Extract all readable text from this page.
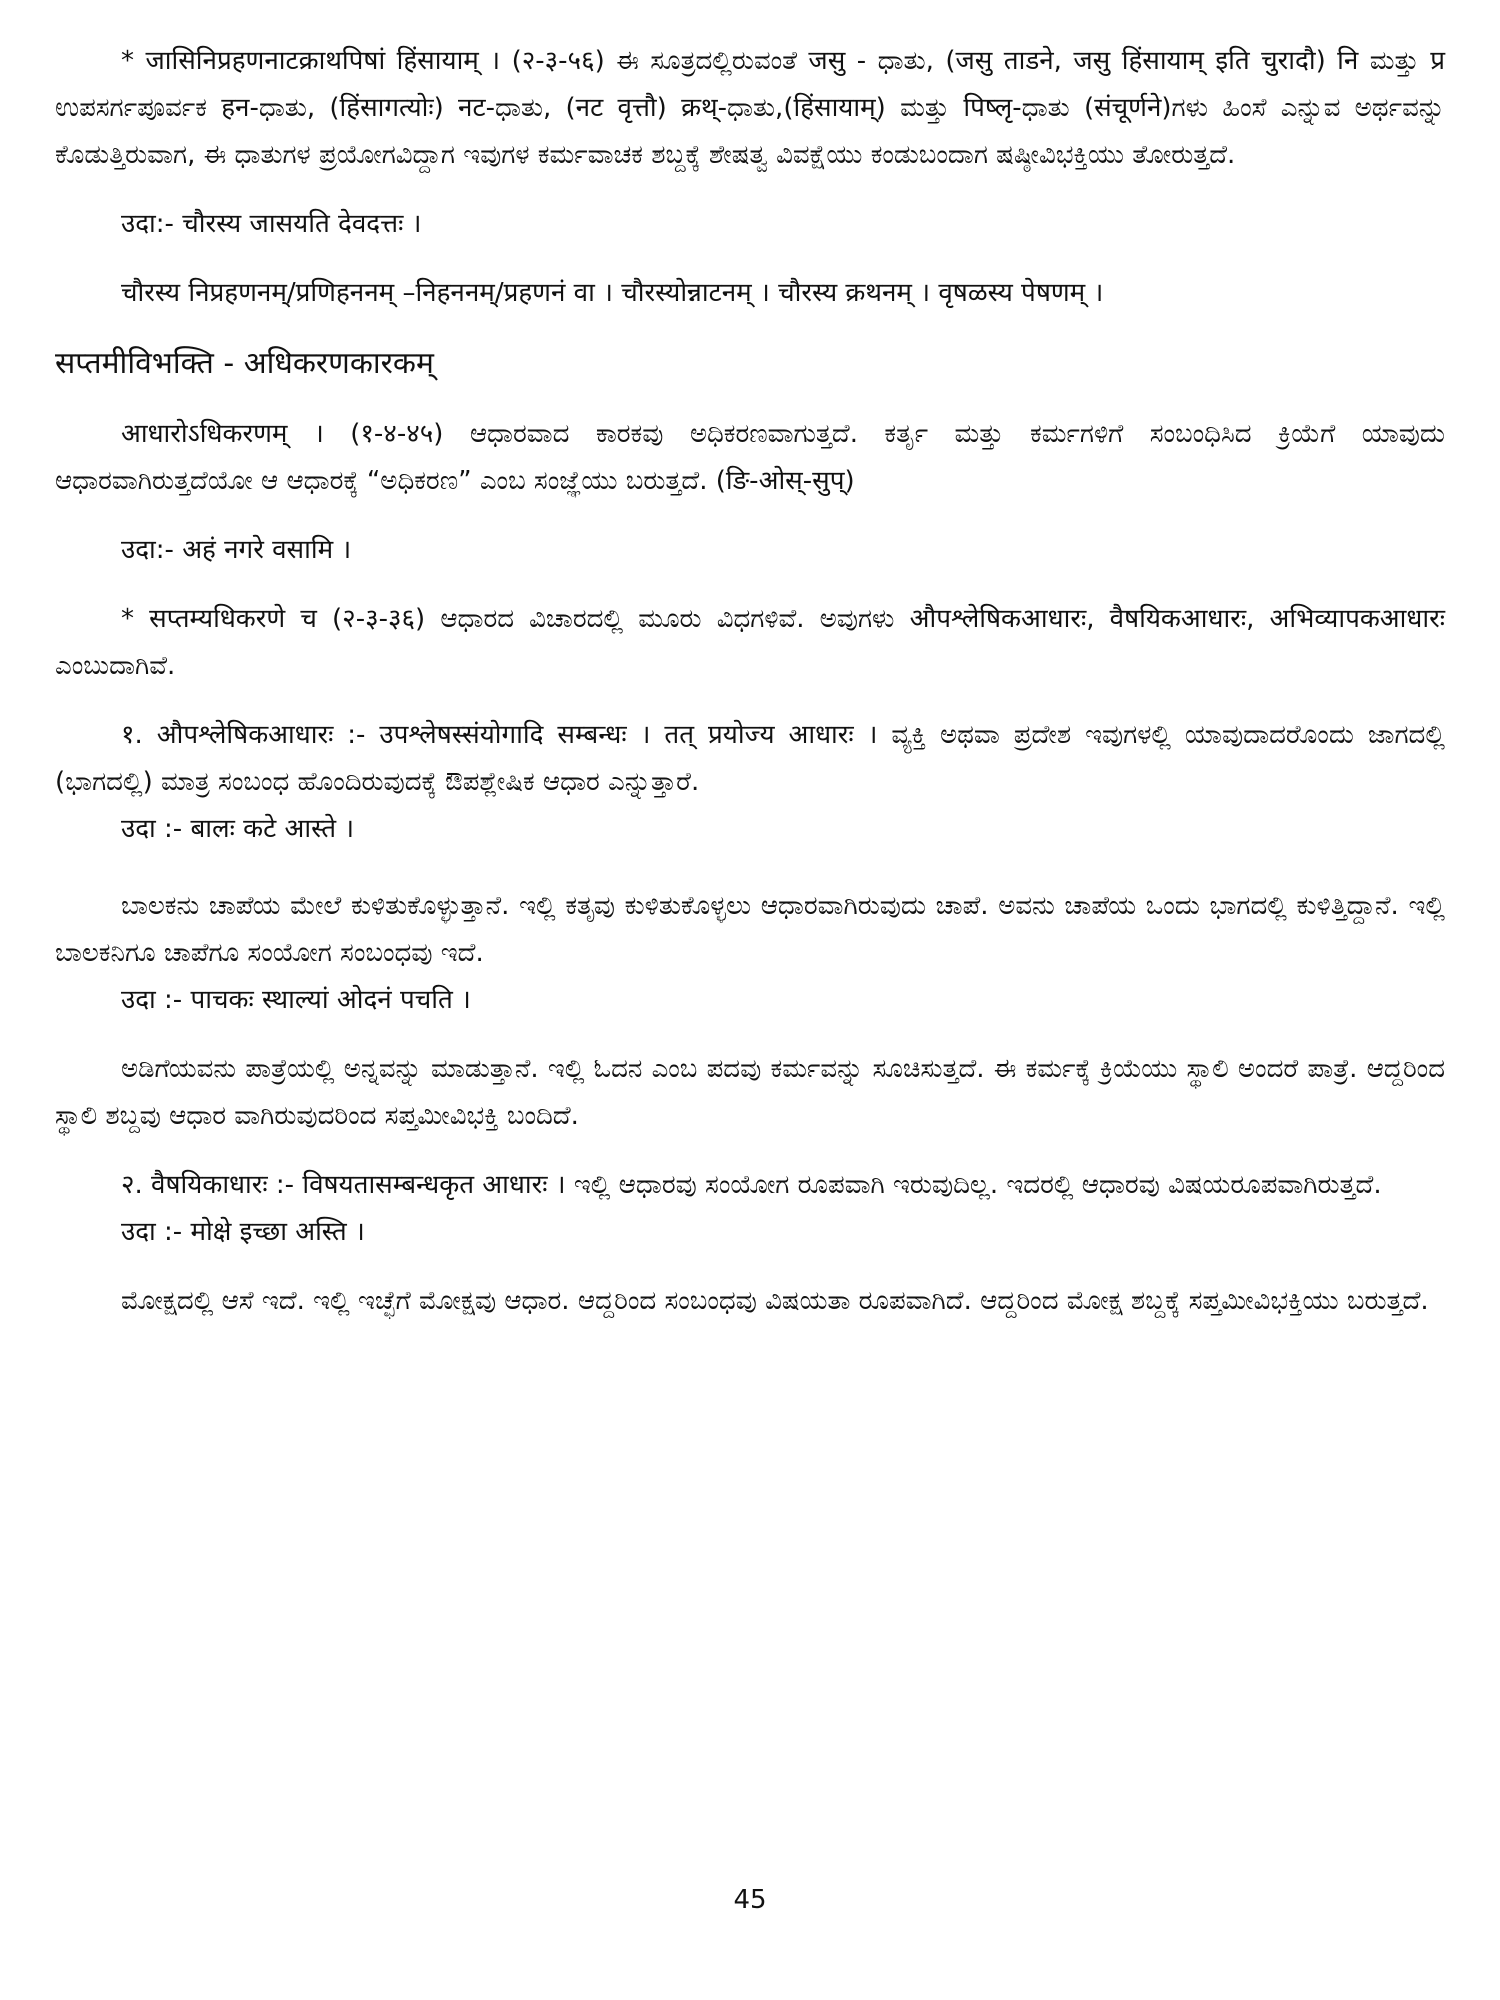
* जासिनिप्रहणनाटक्राथपिषां हिंसायाम् । (२-३-५६) ಈ ಸೂತ್ರದಲ್ಲಿರುವಂತೆ जसु - ಧಾತು, (जसु ताडने, जसु हिंसायाम् इति चुरादौ) नि ಮತ್ತು प्र ಉಪಸರ್ಗಪೂರ್ವಕ हन-ಧಾತು, (हिंसागत्योः) नट-ಧಾತು, (नट वृत्तौ) क्रथ्-ಧಾತು,(हिंसायाम्) ಮತ್ತು पिष्लृ-ಧಾತು (संचूर्णने)ಗಳು ಹಿಂಸೆ ಎನ್ನುವ ಅರ್ಥವನ್ನು ಕೊಡುತ್ತಿರುವಾಗ, ಈ ಧಾತುಗಳ ಪ್ರಯೋಗವಿದ್ದಾಗ ಇವುಗಳ ಕರ್ಮವಾಚಕ ಶಬ್ದಕ್ಕೆ ಶೇಷತ್ವ ವಿವಕ್ಷೆಯು ಕಂಡುಬಂದಾಗ ಷಷ್ಠೀವಿಭಕ್ತಿಯು ತೋರುತ್ತದೆ.

उदा:- चौरस्य जासयति देवदत्तः ।

चौरस्य निप्रहणनम्/प्रणिहननम् –निहननम्/प्रहणनं वा । चौरस्योन्नाटनम् । चौरस्य क्रथनम् । वृषळस्य पेषणम् ।

सप्तमीविभक्ति - अधिकरणकारकम्

आधारोऽधिकरणम् । (१-४-४५) ಆಧಾರವಾದ ಕಾರಕವು ಅಧಿಕರಣವಾಗುತ್ತದೆ. ಕರ್ತೃ ಮತ್ತು ಕರ್ಮಗಳಿಗೆ ಸಂಬಂಧಿಸಿದ ಕ್ರಿಯೆಗೆ ಯಾವುದು ಆಧಾರವಾಗಿರುತ್ತದೆಯೋ ಆ ಆಧಾರಕ್ಕೆ “ಅಧಿಕರಣ” ಎಂಬ ಸಂಜ್ಞೆಯು ಬರುತ್ತದೆ. (ङि-ओस्-सुप्)

उदा:- अहं नगरे वसामि ।

* सप्तम्यधिकरणे च (२-३-३६) ಆಧಾರದ ವಿಚಾರದಲ್ಲಿ ಮೂರು ವಿಧಗಳಿವೆ. ಅವುಗಳು औपश्लेषिकआधारः, वैषयिकआधारः, अभिव्यापकआधारः ಎಂಬುದಾಗಿವೆ.

१. औपश्लेषिकआधारः :- उपश्लेषस्संयोगादि सम्बन्धः । तत् प्रयोज्य आधारः । ವ್ಯಕ್ತಿ ಅಥವಾ ಪ್ರದೇಶ ಇವುಗಳಲ್ಲಿ ಯಾವುದಾದರೊಂದು ಜಾಗದಲ್ಲಿ (ಭಾಗದಲ್ಲಿ) ಮಾತ್ರ ಸಂಬಂಧ ಹೊಂದಿರುವುದಕ್ಕೆ ಔಪಶ್ಲೇಷಿಕ ಆಧಾರ ಎನ್ನುತ್ತಾರೆ.

उदा :- बालः कटे आस्ते ।

ಬಾಲಕನು ಚಾಪೆಯ ಮೇಲೆ ಕುಳಿತುಕೊಳ್ಳುತ್ತಾನೆ. ಇಲ್ಲಿ ಕತೃವು ಕುಳಿತುಕೊಳ್ಳಲು ಆಧಾರವಾಗಿರುವುದು ಚಾಪೆ. ಅವನು ಚಾಪೆಯ ಒಂದು ಭಾಗದಲ್ಲಿ ಕುಳಿತ್ತಿದ್ದಾನೆ. ಇಲ್ಲಿ ಬಾಲಕನಿಗೂ ಚಾಪೆಗೂ ಸಂಯೋಗ ಸಂಬಂಧವು ಇದೆ.

उदा :- पाचकः स्थाल्यां ओदनं पचति ।

ಅಡಿಗೆಯವನು ಪಾತ್ರೆಯಲ್ಲಿ ಅನ್ನವನ್ನು ಮಾಡುತ್ತಾನೆ. ಇಲ್ಲಿ ಓದನ ಎಂಬ ಪದವು ಕರ್ಮವನ್ನು ಸೂಚಿಸುತ್ತದೆ. ಈ ಕರ್ಮಕ್ಕೆ ಕ್ರಿಯೆಯು ಸ್ಥಾಲಿ ಅಂದರೆ ಪಾತ್ರೆ. ಆದ್ದರಿಂದ ಸ್ಥಾಲಿ ಶಬ್ದವು ಆಧಾರ ವಾಗಿರುವುದರಿಂದ ಸಪ್ತಮೀವಿಭಕ್ತಿ ಬಂದಿದೆ.

२. वैषयिकाधारः :- विषयतासम्बन्धकृत आधारः । ಇಲ್ಲಿ ಆಧಾರವು ಸಂಯೋಗ ರೂಪವಾಗಿ ಇರುವುದಿಲ್ಲ. ಇದರಲ್ಲಿ ಆಧಾರವು ವಿಷಯರೂಪವಾಗಿರುತ್ತದೆ.

उदा :- मोक्षे इच्छा अस्ति ।

ಮೋಕ್ಷದಲ್ಲಿ ಆಸೆ ಇದೆ. ಇಲ್ಲಿ ಇಚ್ಛೆಗೆ ಮೋಕ್ಷವು ಆಧಾರ. ಆದ್ದರಿಂದ ಸಂಬಂಧವು ವಿಷಯತಾ ರೂಪವಾಗಿದೆ. ಆದ್ದರಿಂದ ಮೋಕ್ಷ ಶಬ್ದಕ್ಕೆ ಸಪ್ತಮೀವಿಭಕ್ತಿಯು ಬರುತ್ತದೆ.

45
